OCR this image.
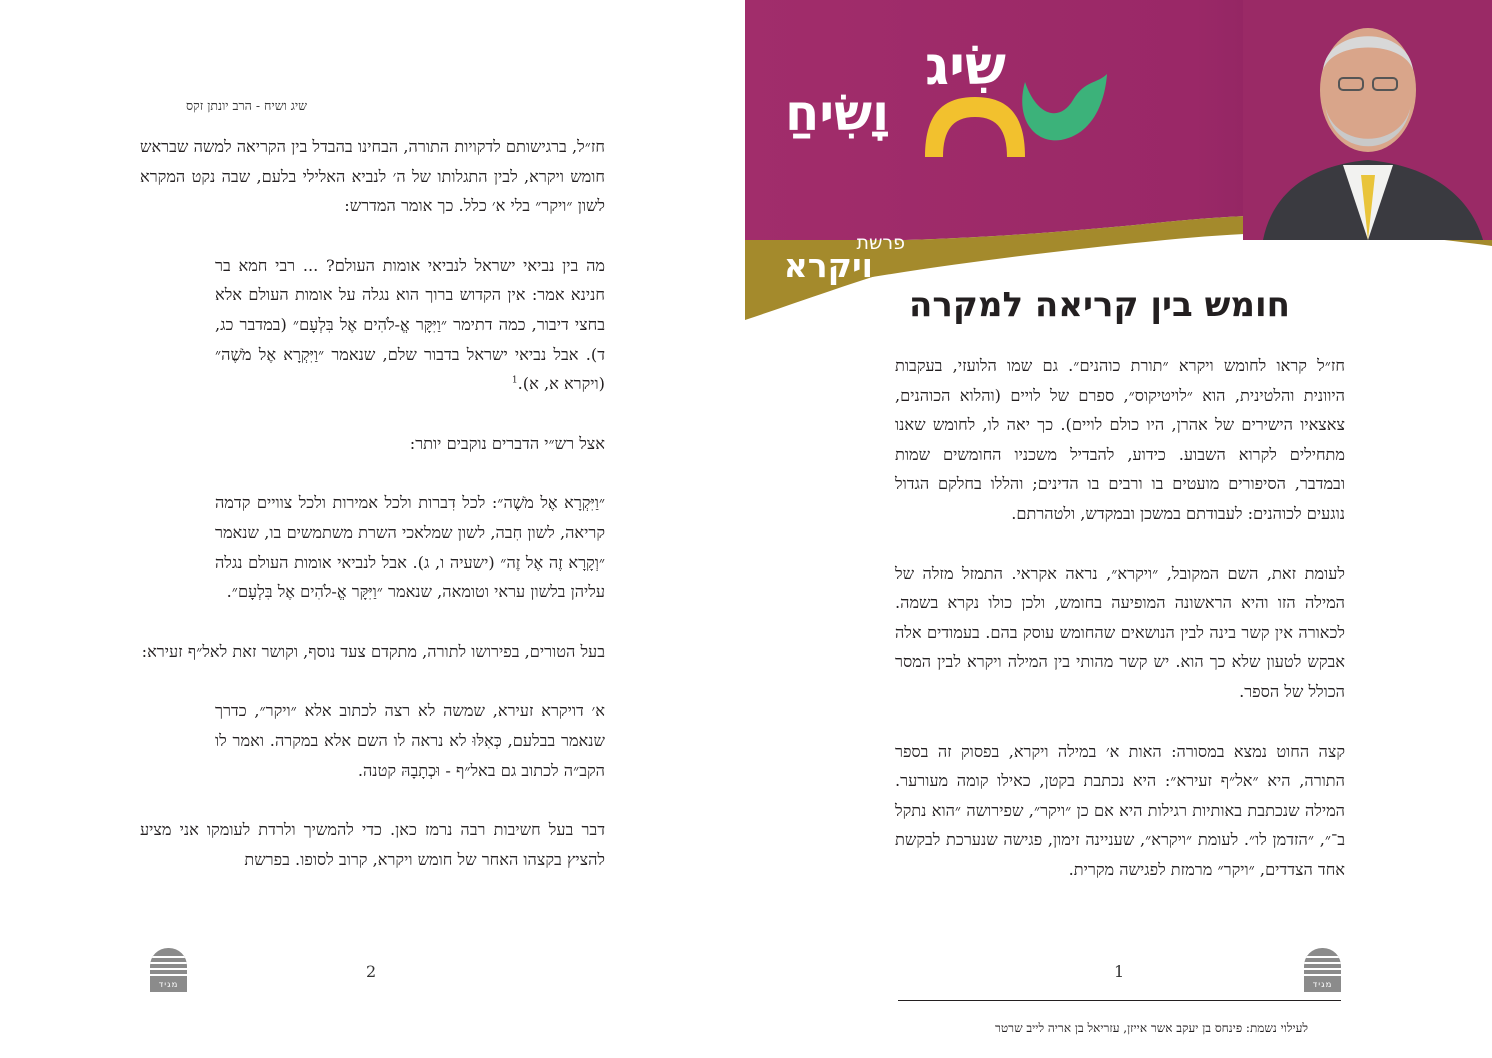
שיג ושיח - הרב יונתן זקס

חז״ל, ברגישותם לדקויות התורה, הבחינו בהבדל בין הקריאה למשה שבראש חומש ויקרא, לבין התגלותו של ה׳ לנביא האלילי בלעם, שבה נקט המקרא לשון ״ויקר״ בלי א׳ כלל. כך אומר המדרש:

מה בין נביאי ישראל לנביאי אומות העולם? ... רבי חמא בר חנינא אמר: אין הקדוש ברוך הוא נגלה על אומות העולם אלא בחצי דיבור, כמה דתימר ״וַיִּקָּר אֱ-לֹהִים אֶל בִּלְעָם״ (במדבר כג, ד). אבל נביאי ישראל בדבור שלם, שנאמר ״וַיִּקְרָא אֶל מֹשֶׁה״ (ויקרא א, א).$^1$

אצל רש״י הדברים נוקבים יותר:

״וַיִּקְרָא אֶל מֹשֶׁה״: לכל דִברות ולכל אמירות ולכל צוויים קדמה קריאה, לשון חִבה, לשון שמלאכי השרת משתמשים בו, שנאמר ״וְקָרָא זֶה אֶל זֶה״ (ישעיה ו, ג). אבל לנביאי אומות העולם נגלה עליהן בלשון עראי וטומאה, שנאמר ״וַיִּקָּר אֱ-לֹהִים אֶל בִּלְעָם״.

בעל הטורים, בפירושו לתורה, מתקדם צעד נוסף, וקושר זאת לאל״ף זעירא:

א׳ דויקרא זעירא, שמשה לא רצה לכתוב אלא ״ויקר״, כדרך שנאמר בבלעם, כְּאִלּוּ לא נראה לו השם אלא במקרה. ואמר לו הקב״ה לכתוב גם באל״ף - וּכְתָבָהּ קטנה.

דבר בעל חשיבות רבה נרמז כאן. כדי להמשיך ולרדת לעומקו אני מציע להציץ בקצהו האחר של חומש ויקרא, קרוב לסופו. בפרשת

מגיד
2
שִׂיג
וָשִׂיחַ
פרשת
ויקרא
חומש בין קריאה למקרה

חז״ל קראו לחומש ויקרא ״תורת כוהנים״. גם שמו הלועזי, בעקבות היוונית והלטינית, הוא ״לויטיקוס״, ספרם של לויים (והלוא הכוהנים, צאצאיו הישירים של אהרן, היו כולם לויים). כך יאה לו, לחומש שאנו מתחילים לקרוא השבוע. כידוע, להבדיל משכניו החומשים שמות ובמדבר, הסיפורים מועטים בו ורבים בו הדינים; והללו בחלקם הגדול נוגעים לכוהנים: לעבודתם במשכן ובמקדש, ולטהרתם.

לעומת זאת, השם המקובל, ״ויקרא״, נראה אקראי. התמזל מזלה של המילה הזו והיא הראשונה המופיעה בחומש, ולכן כולו נקרא בשמה. לכאורה אין קשר בינה לבין הנושאים שהחומש עוסק בהם. בעמודים אלה אבקש לטעון שלא כך הוא. יש קשר מהותי בין המילה ויקרא לבין המסר הכולל של הספר.

קצה החוט נמצא במסורה: האות א׳ במילה ויקרא, בפסוק זה בספר התורה, היא ״אל״ף זעירא״: היא נכתבת בקטן, כאילו קומה מעורער. המילה שנכתבת באותיות רגילות היא אם כן ״ויקר״, שפירושה ״הוא נתקל ב־״, ״הזדמן לו״. לעומת ״ויקרא״, שעניינה זימון, פגישה שנערכת לבקשת אחד הצדדים, ״ויקר״ מרמזת לפגישה מקרית.

1
מגיד
לעילוי נשמת: פינחס בן יעקב אשר אייזן, עזריאל בן אריה לייב שרטר
